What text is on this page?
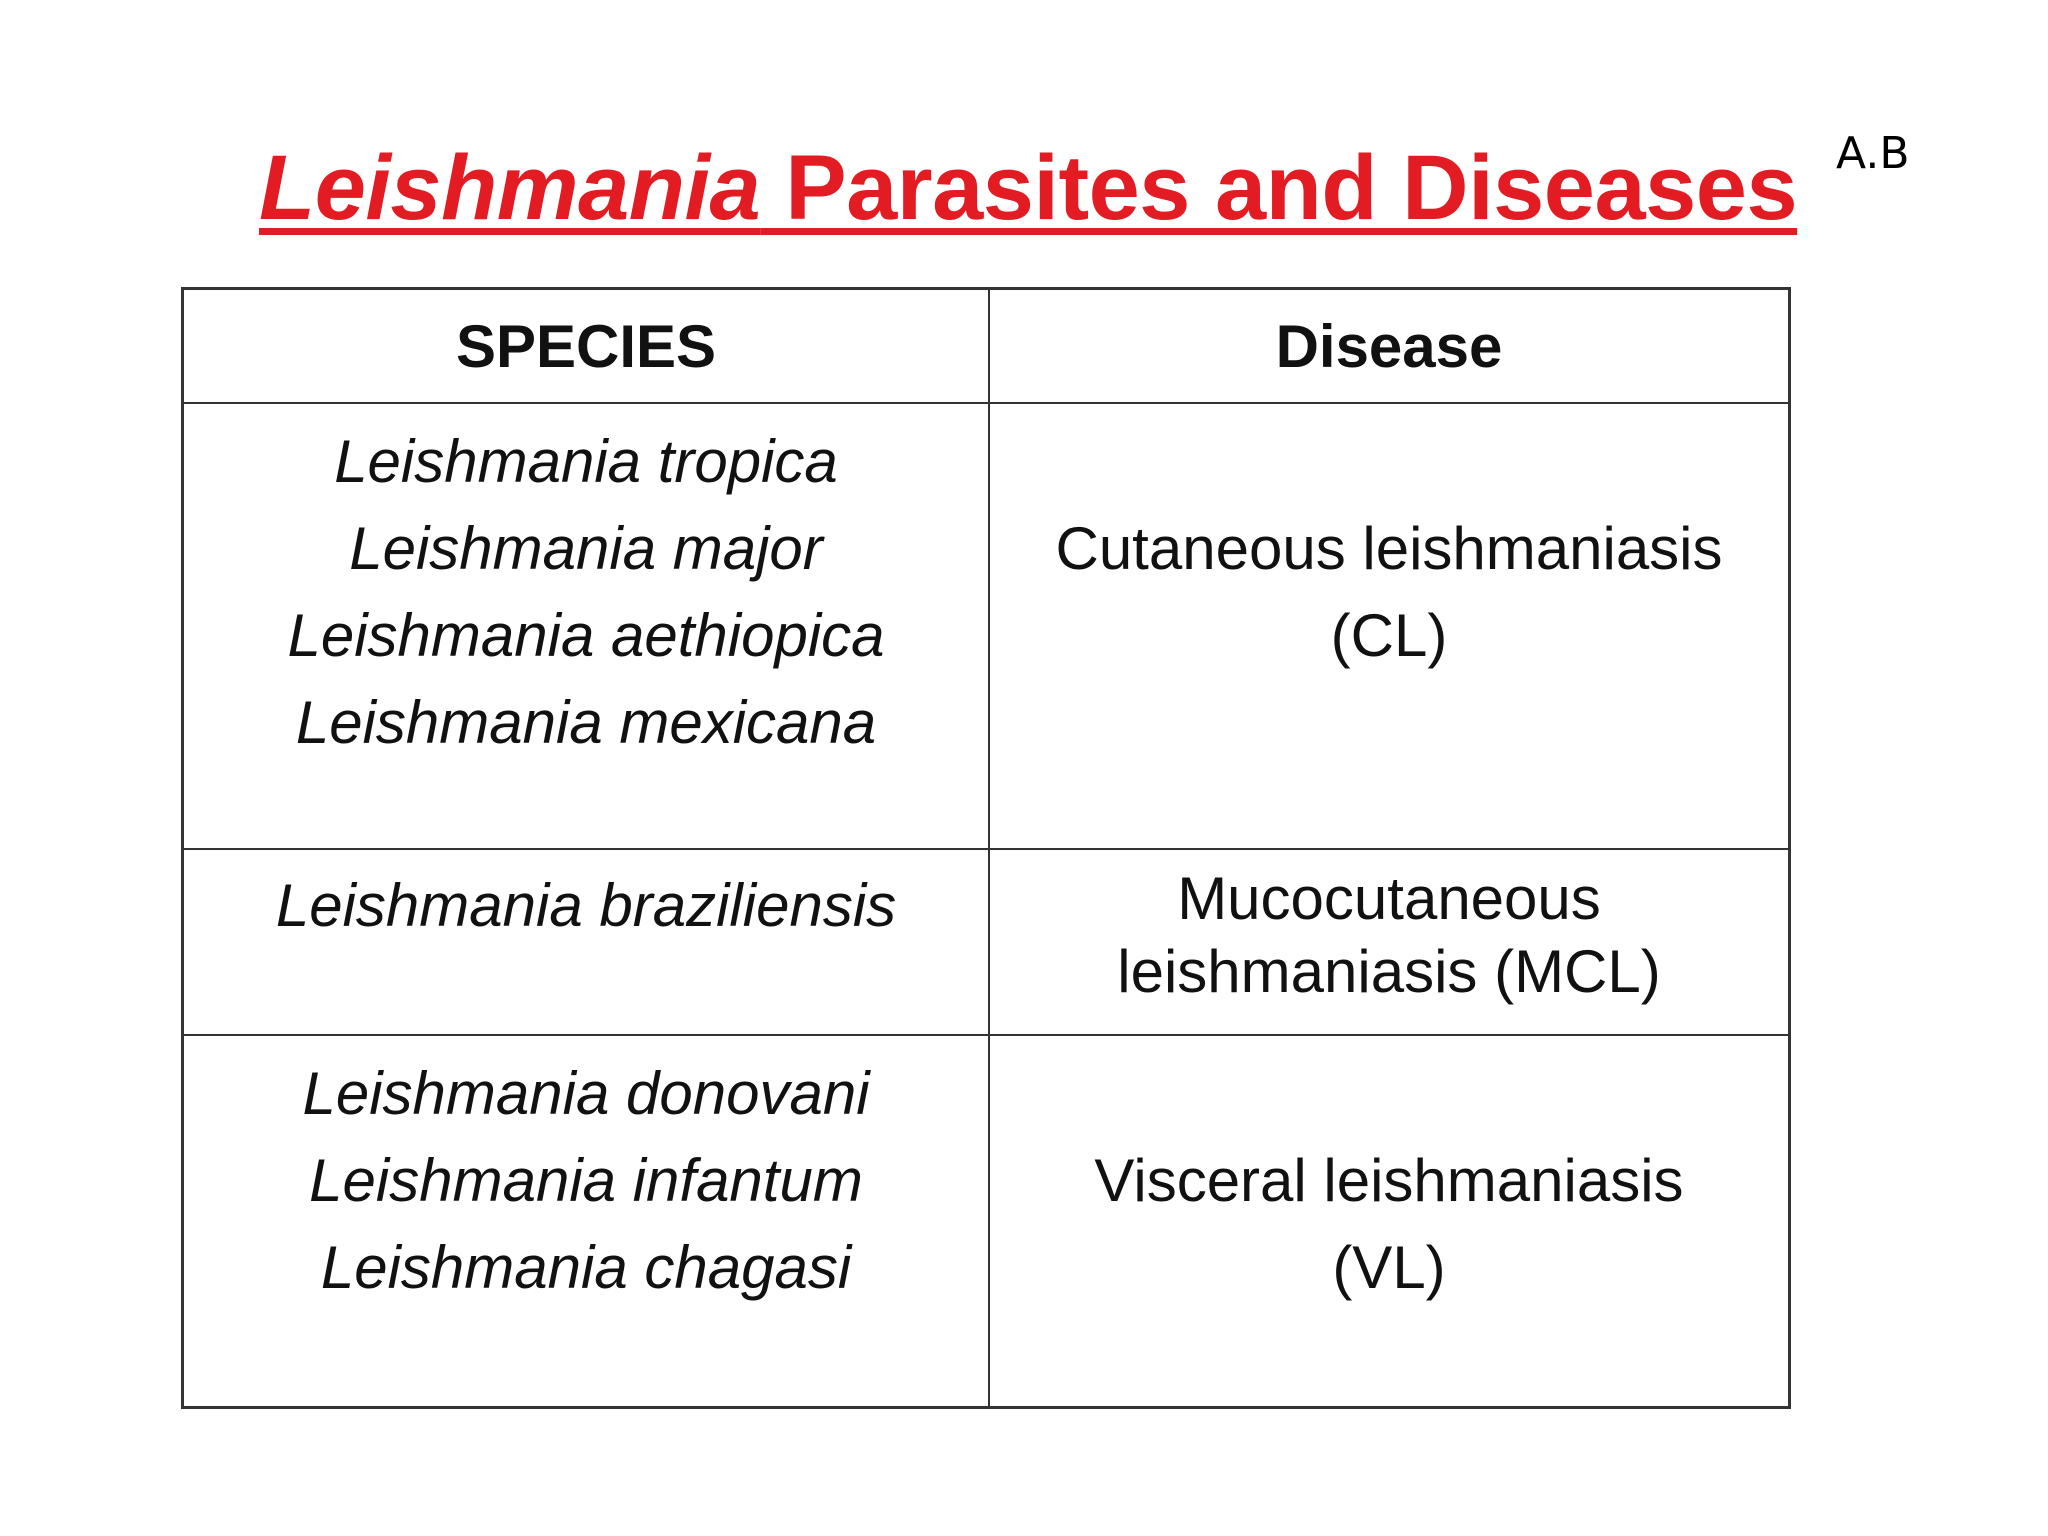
A.B
Leishmania Parasites and Diseases
SPECIES	Disease
Leishmania tropica
Leishmania major
Leishmania aethiopica
Leishmania mexicana
Cutaneous leishmaniasis
(CL)
Leishmania braziliensis	Mucocutaneous
leishmaniasis (MCL)
Leishmania donovani
Leishmania infantum
Leishmania chagasi
Visceral leishmaniasis
(VL)
